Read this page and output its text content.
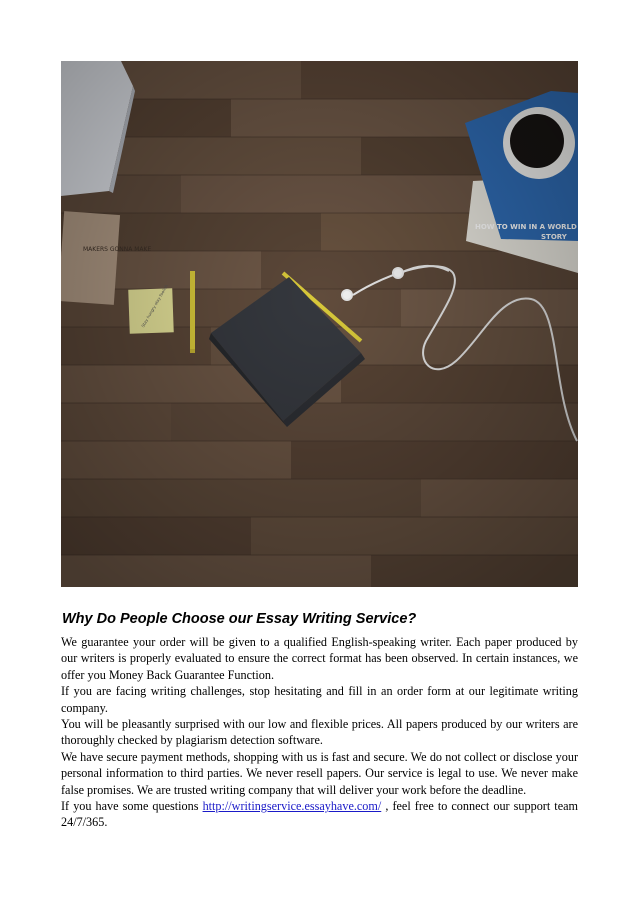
Why Do People Choose our Essay Writing Service?

We guarantee your order will be given to a qualified English-speaking writer. Each paper produced by our writers is properly evaluated to ensure the correct format has been observed. In certain instances, we offer you Money Back Guarantee Function.

If you are facing writing challenges, stop hesitating and fill in an order form at our legitimate writing company.

You will be pleasantly surprised with our low and flexible prices. All papers produced by our writers are thoroughly checked by plagiarism detection software.

We have secure payment methods, shopping with us is fast and secure. We do not collect or disclose your personal information to third parties. We never resell papers. Our service is legal to use. We never make false promises. We are trusted writing company that will deliver your work before the deadline.

If you have some questions http://writingservice.essayhave.com/ , feel free to connect our support team 24/7/365.
